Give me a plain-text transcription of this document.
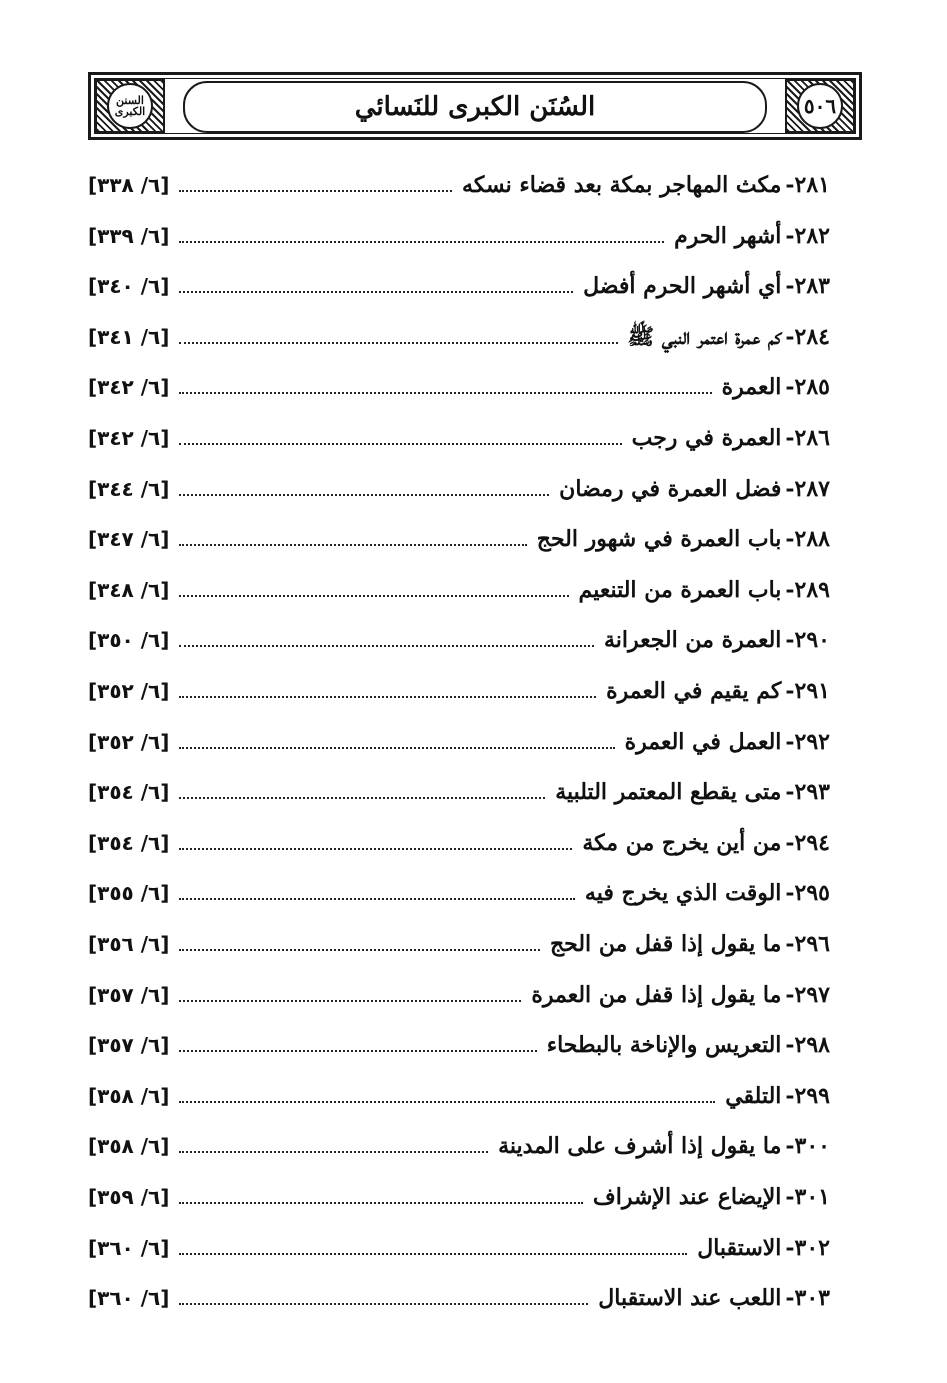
السنن الكبرى	السُنَن الكبرى للنَسائي	٥٠٦
٢٨١-
مكث المهاجر بمكة بعد قضاء نسكه
[٦/ ٣٣٨]
٢٨٢-
أشهر الحرم
[٦/ ٣٣٩]
٢٨٣-
أي أشهر الحرم أفضل
[٦/ ٣٤٠]
٢٨٤-
كم عمرة اعتمر النبي ﷺ
[٦/ ٣٤١]
٢٨٥-
العمرة
[٦/ ٣٤٢]
٢٨٦-
العمرة في رجب
[٦/ ٣٤٢]
٢٨٧-
فضل العمرة في رمضان
[٦/ ٣٤٤]
٢٨٨-
باب العمرة في شهور الحج
[٦/ ٣٤٧]
٢٨٩-
باب العمرة من التنعيم
[٦/ ٣٤٨]
٢٩٠-
العمرة من الجعرانة
[٦/ ٣٥٠]
٢٩١-
كم يقيم في العمرة
[٦/ ٣٥٢]
٢٩٢-
العمل في العمرة
[٦/ ٣٥٢]
٢٩٣-
متى يقطع المعتمر التلبية
[٦/ ٣٥٤]
٢٩٤-
من أين يخرج من مكة
[٦/ ٣٥٤]
٢٩٥-
الوقت الذي يخرج فيه
[٦/ ٣٥٥]
٢٩٦-
ما يقول إذا قفل من الحج
[٦/ ٣٥٦]
٢٩٧-
ما يقول إذا قفل من العمرة
[٦/ ٣٥٧]
٢٩٨-
التعريس والإناخة بالبطحاء
[٦/ ٣٥٧]
٢٩٩-
التلقي
[٦/ ٣٥٨]
٣٠٠-
ما يقول إذا أشرف على المدينة
[٦/ ٣٥٨]
٣٠١-
الإيضاع عند الإشراف
[٦/ ٣٥٩]
٣٠٢-
الاستقبال
[٦/ ٣٦٠]
٣٠٣-
اللعب عند الاستقبال
[٦/ ٣٦٠]
